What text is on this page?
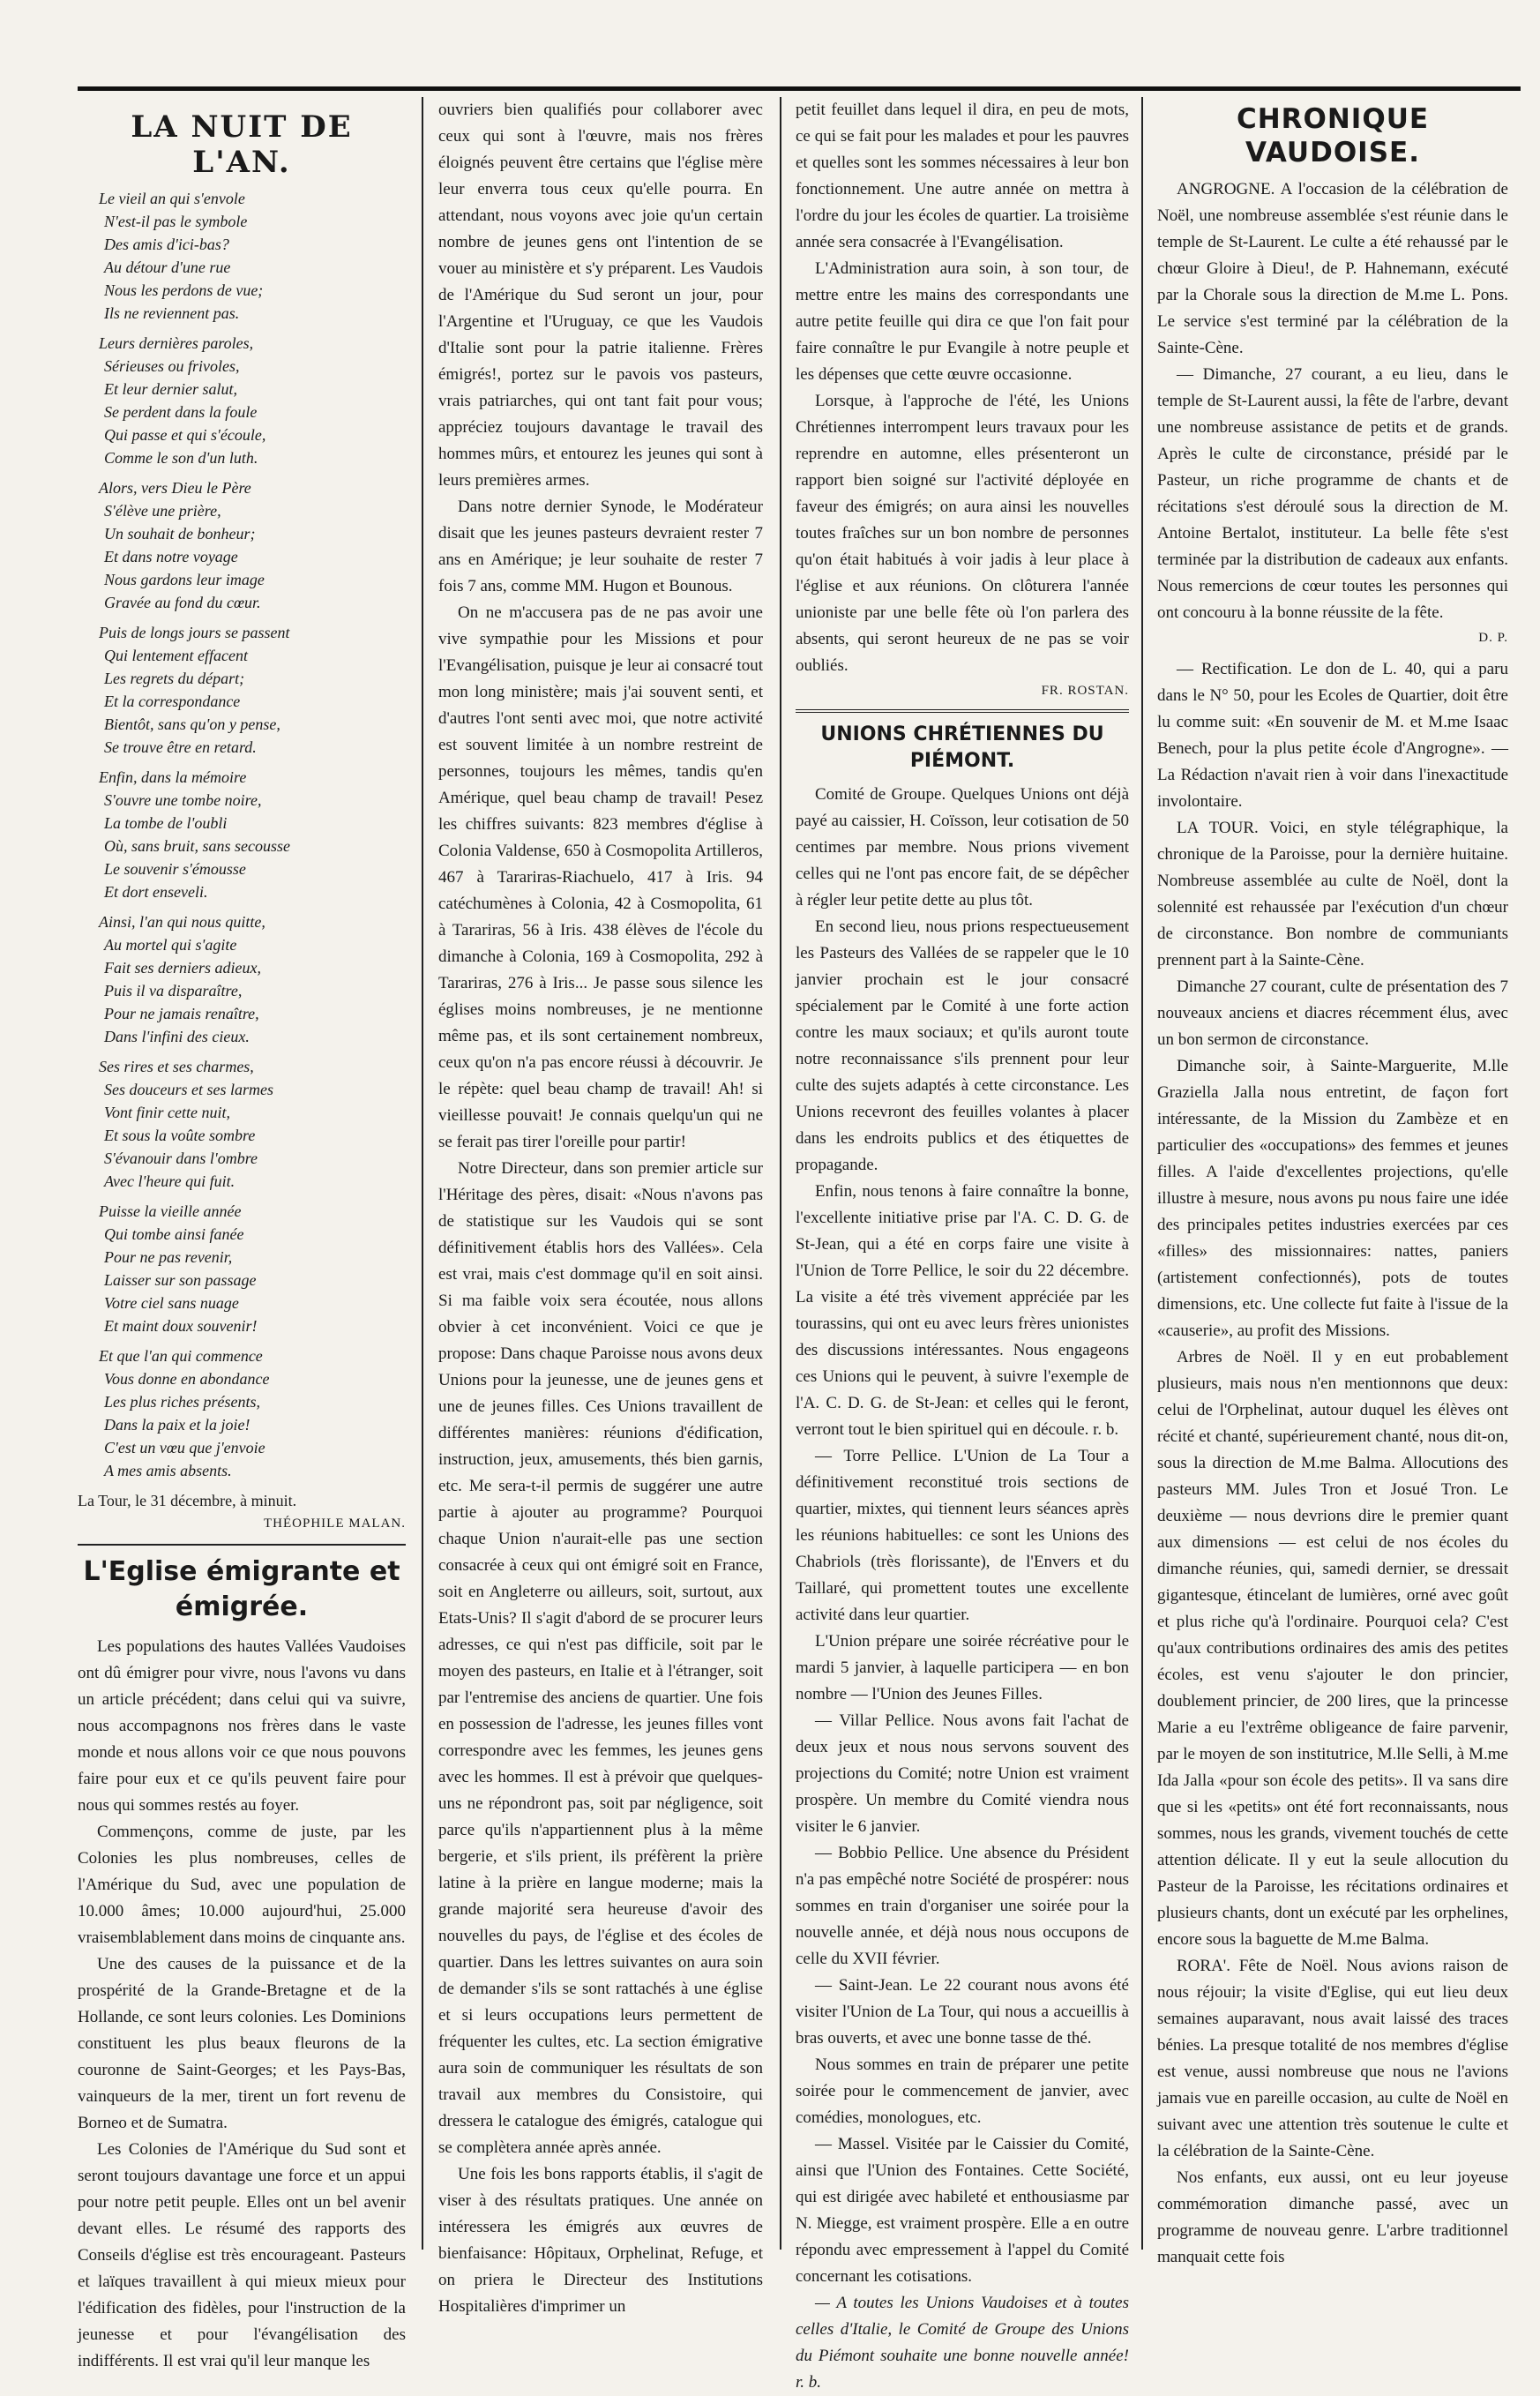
LA NUIT DE L'AN.
Le vieil an qui s'envole
N'est-il pas le symbole
Des amis d'ici-bas?
Au détour d'une rue
Nous les perdons de vue;
Ils ne reviennent pas.
Leurs dernières paroles,
Sérieuses ou frivoles,
Et leur dernier salut,
Se perdent dans la foule
Qui passe et qui s'écoule,
Comme le son d'un luth.
Alors, vers Dieu le Père
S'élève une prière,
Un souhait de bonheur;
Et dans notre voyage
Nous gardons leur image
Gravée au fond du cœur.
Puis de longs jours se passent
Qui lentement effacent
Les regrets du départ;
Et la correspondance
Bientôt, sans qu'on y pense,
Se trouve être en retard.
Enfin, dans la mémoire
S'ouvre une tombe noire,
La tombe de l'oubli
Où, sans bruit, sans secousse
Le souvenir s'émousse
Et dort enseveli.
Ainsi, l'an qui nous quitte,
Au mortel qui s'agite
Fait ses derniers adieux,
Puis il va disparaître,
Pour ne jamais renaître,
Dans l'infini des cieux.
Ses rires et ses charmes,
Ses douceurs et ses larmes
Vont finir cette nuit,
Et sous la voûte sombre
S'évanouir dans l'ombre
Avec l'heure qui fuit.
Puisse la vieille année
Qui tombe ainsi fanée
Pour ne pas revenir,
Laisser sur son passage
Votre ciel sans nuage
Et maint doux souvenir!
Et que l'an qui commence
Vous donne en abondance
Les plus riches présents,
Dans la paix et la joie!
C'est un vœu que j'envoie
A mes amis absents.
La Tour, le 31 décembre, à minuit.
THÉOPHILE MALAN.
L'Eglise émigrante et émigrée.

Les populations des hautes Vallées Vaudoises ont dû émigrer pour vivre, nous l'avons vu dans un article précédent; dans celui qui va suivre, nous accompagnons nos frères dans le vaste monde et nous allons voir ce que nous pouvons faire pour eux et ce qu'ils peuvent faire pour nous qui sommes restés au foyer.

Commençons, comme de juste, par les Colonies les plus nombreuses, celles de l'Amérique du Sud, avec une population de 10.000 âmes; 10.000 aujourd'hui, 25.000 vraisemblablement dans moins de cinquante ans.

Une des causes de la puissance et de la prospérité de la Grande-Bretagne et de la Hollande, ce sont leurs colonies. Les Dominions constituent les plus beaux fleurons de la couronne de Saint-Georges; et les Pays-Bas, vainqueurs de la mer, tirent un fort revenu de Borneo et de Sumatra.

Les Colonies de l'Amérique du Sud sont et seront toujours davantage une force et un appui pour notre petit peuple. Elles ont un bel avenir devant elles. Le résumé des rapports des Conseils d'église est très encourageant. Pasteurs et laïques travaillent à qui mieux mieux pour l'édification des fidèles, pour l'instruction de la jeunesse et pour l'évangélisation des indifférents. Il est vrai qu'il leur manque les

ouvriers bien qualifiés pour collaborer avec ceux qui sont à l'œuvre, mais nos frères éloignés peuvent être certains que l'église mère leur enverra tous ceux qu'elle pourra. En attendant, nous voyons avec joie qu'un certain nombre de jeunes gens ont l'intention de se vouer au ministère et s'y préparent. Les Vaudois de l'Amérique du Sud seront un jour, pour l'Argentine et l'Uruguay, ce que les Vaudois d'Italie sont pour la patrie italienne. Frères émigrés!, portez sur le pavois vos pasteurs, vrais patriarches, qui ont tant fait pour vous; appréciez toujours davantage le travail des hommes mûrs, et entourez les jeunes qui sont à leurs premières armes.

Dans notre dernier Synode, le Modérateur disait que les jeunes pasteurs devraient rester 7 ans en Amérique; je leur souhaite de rester 7 fois 7 ans, comme MM. Hugon et Bounous.

On ne m'accusera pas de ne pas avoir une vive sympathie pour les Missions et pour l'Evangélisation, puisque je leur ai consacré tout mon long ministère; mais j'ai souvent senti, et d'autres l'ont senti avec moi, que notre activité est souvent limitée à un nombre restreint de personnes, toujours les mêmes, tandis qu'en Amérique, quel beau champ de travail! Pesez les chiffres suivants: 823 membres d'église à Colonia Valdense, 650 à Cosmopolita Artilleros, 467 à Tarariras-Riachuelo, 417 à Iris. 94 catéchumènes à Colonia, 42 à Cosmopolita, 61 à Tarariras, 56 à Iris. 438 élèves de l'école du dimanche à Colonia, 169 à Cosmopolita, 292 à Tarariras, 276 à Iris... Je passe sous silence les églises moins nombreuses, je ne mentionne même pas, et ils sont certainement nombreux, ceux qu'on n'a pas encore réussi à découvrir. Je le répète: quel beau champ de travail! Ah! si vieillesse pouvait! Je connais quelqu'un qui ne se ferait pas tirer l'oreille pour partir!

Notre Directeur, dans son premier article sur l'Héritage des pères, disait: «Nous n'avons pas de statistique sur les Vaudois qui se sont définitivement établis hors des Vallées». Cela est vrai, mais c'est dommage qu'il en soit ainsi. Si ma faible voix sera écoutée, nous allons obvier à cet inconvénient. Voici ce que je propose: Dans chaque Paroisse nous avons deux Unions pour la jeunesse, une de jeunes gens et une de jeunes filles. Ces Unions travaillent de différentes manières: réunions d'édification, instruction, jeux, amusements, thés bien garnis, etc. Me sera-t-il permis de suggérer une autre partie à ajouter au programme? Pourquoi chaque Union n'aurait-elle pas une section consacrée à ceux qui ont émigré soit en France, soit en Angleterre ou ailleurs, soit, surtout, aux Etats-Unis? Il s'agit d'abord de se procurer leurs adresses, ce qui n'est pas difficile, soit par le moyen des pasteurs, en Italie et à l'étranger, soit par l'entremise des anciens de quartier. Une fois en possession de l'adresse, les jeunes filles vont correspondre avec les femmes, les jeunes gens avec les hommes. Il est à prévoir que quelques-uns ne répondront pas, soit par négligence, soit parce qu'ils n'appartiennent plus à la même bergerie, et s'ils prient, ils préfèrent la prière latine à la prière en langue moderne; mais la grande majorité sera heureuse d'avoir des nouvelles du pays, de l'église et des écoles de quartier. Dans les lettres suivantes on aura soin de demander s'ils se sont rattachés à une église et si leurs occupations leurs permettent de fréquenter les cultes, etc. La section émigrative aura soin de communiquer les résultats de son travail aux membres du Consistoire, qui dressera le catalogue des émigrés, catalogue qui se complètera année après année.

Une fois les bons rapports établis, il s'agit de viser à des résultats pratiques. Une année on intéressera les émigrés aux œuvres de bienfaisance: Hôpitaux, Orphelinat, Refuge, et on priera le Directeur des Institutions Hospitalières d'imprimer un

petit feuillet dans lequel il dira, en peu de mots, ce qui se fait pour les malades et pour les pauvres et quelles sont les sommes nécessaires à leur bon fonctionnement. Une autre année on mettra à l'ordre du jour les écoles de quartier. La troisième année sera consacrée à l'Evangélisation.

L'Administration aura soin, à son tour, de mettre entre les mains des correspondants une autre petite feuille qui dira ce que l'on fait pour faire connaître le pur Evangile à notre peuple et les dépenses que cette œuvre occasionne.

Lorsque, à l'approche de l'été, les Unions Chrétiennes interrompent leurs travaux pour les reprendre en automne, elles présenteront un rapport bien soigné sur l'activité déployée en faveur des émigrés; on aura ainsi les nouvelles toutes fraîches sur un bon nombre de personnes qu'on était habitués à voir jadis à leur place à l'église et aux réunions. On clôturera l'année unioniste par une belle fête où l'on parlera des absents, qui seront heureux de ne pas se voir oubliés.

FR. ROSTAN.
UNIONS CHRÉTIENNES DU PIÉMONT.

Comité de Groupe. Quelques Unions ont déjà payé au caissier, H. Coïsson, leur cotisation de 50 centimes par membre. Nous prions vivement celles qui ne l'ont pas encore fait, de se dépêcher à régler leur petite dette au plus tôt.

En second lieu, nous prions respectueusement les Pasteurs des Vallées de se rappeler que le 10 janvier prochain est le jour consacré spécialement par le Comité à une forte action contre les maux sociaux; et qu'ils auront toute notre reconnaissance s'ils prennent pour leur culte des sujets adaptés à cette circonstance. Les Unions recevront des feuilles volantes à placer dans les endroits publics et des étiquettes de propagande.

Enfin, nous tenons à faire connaître la bonne, l'excellente initiative prise par l'A. C. D. G. de St-Jean, qui a été en corps faire une visite à l'Union de Torre Pellice, le soir du 22 décembre. La visite a été très vivement appréciée par les tourassins, qui ont eu avec leurs frères unionistes des discussions intéressantes. Nous engageons ces Unions qui le peuvent, à suivre l'exemple de l'A. C. D. G. de St-Jean: et celles qui le feront, verront tout le bien spirituel qui en découle. r. b.

— Torre Pellice. L'Union de La Tour a définitivement reconstitué trois sections de quartier, mixtes, qui tiennent leurs séances après les réunions habituelles: ce sont les Unions des Chabriols (très florissante), de l'Envers et du Taillaré, qui promettent toutes une excellente activité dans leur quartier.

L'Union prépare une soirée récréative pour le mardi 5 janvier, à laquelle participera — en bon nombre — l'Union des Jeunes Filles.

— Villar Pellice. Nous avons fait l'achat de deux jeux et nous nous servons souvent des projections du Comité; notre Union est vraiment prospère. Un membre du Comité viendra nous visiter le 6 janvier.

— Bobbio Pellice. Une absence du Président n'a pas empêché notre Société de prospérer: nous sommes en train d'organiser une soirée pour la nouvelle année, et déjà nous nous occupons de celle du XVII février.

— Saint-Jean. Le 22 courant nous avons été visiter l'Union de La Tour, qui nous a accueillis à bras ouverts, et avec une bonne tasse de thé.

Nous sommes en train de préparer une petite soirée pour le commencement de janvier, avec comédies, monologues, etc.

— Massel. Visitée par le Caissier du Comité, ainsi que l'Union des Fontaines. Cette Société, qui est dirigée avec habileté et enthousiasme par N. Miegge, est vraiment prospère. Elle a en outre répondu avec empressement à l'appel du Comité concernant les cotisations.

— A toutes les Unions Vaudoises et à toutes celles d'Italie, le Comité de Groupe des Unions du Piémont souhaite une bonne nouvelle année! r. b.

CHRONIQUE VAUDOISE.

ANGROGNE. A l'occasion de la célébration de Noël, une nombreuse assemblée s'est réunie dans le temple de St-Laurent. Le culte a été rehaussé par le chœur Gloire à Dieu!, de P. Hahnemann, exécuté par la Chorale sous la direction de M.me L. Pons. Le service s'est terminé par la célébration de la Sainte-Cène.

— Dimanche, 27 courant, a eu lieu, dans le temple de St-Laurent aussi, la fête de l'arbre, devant une nombreuse assistance de petits et de grands. Après le culte de circonstance, présidé par le Pasteur, un riche programme de chants et de récitations s'est déroulé sous la direction de M. Antoine Bertalot, instituteur. La belle fête s'est terminée par la distribution de cadeaux aux enfants. Nous remercions de cœur toutes les personnes qui ont concouru à la bonne réussite de la fête.

D. P.

— Rectification. Le don de L. 40, qui a paru dans le N° 50, pour les Ecoles de Quartier, doit être lu comme suit: «En souvenir de M. et M.me Isaac Benech, pour la plus petite école d'Angrogne». — La Rédaction n'avait rien à voir dans l'inexactitude involontaire.

LA TOUR. Voici, en style télégraphique, la chronique de la Paroisse, pour la dernière huitaine. Nombreuse assemblée au culte de Noël, dont la solennité est rehaussée par l'exécution d'un chœur de circonstance. Bon nombre de communiants prennent part à la Sainte-Cène.

Dimanche 27 courant, culte de présentation des 7 nouveaux anciens et diacres récemment élus, avec un bon sermon de circonstance.

Dimanche soir, à Sainte-Marguerite, M.lle Graziella Jalla nous entretint, de façon fort intéressante, de la Mission du Zambèze et en particulier des «occupations» des femmes et jeunes filles. A l'aide d'excellentes projections, qu'elle illustre à mesure, nous avons pu nous faire une idée des principales petites industries exercées par ces «filles» des missionnaires: nattes, paniers (artistement confectionnés), pots de toutes dimensions, etc. Une collecte fut faite à l'issue de la «causerie», au profit des Missions.

Arbres de Noël. Il y en eut probablement plusieurs, mais nous n'en mentionnons que deux: celui de l'Orphelinat, autour duquel les élèves ont récité et chanté, supérieurement chanté, nous dit-on, sous la direction de M.me Balma. Allocutions des pasteurs MM. Jules Tron et Josué Tron. Le deuxième — nous devrions dire le premier quant aux dimensions — est celui de nos écoles du dimanche réunies, qui, samedi dernier, se dressait gigantesque, étincelant de lumières, orné avec goût et plus riche qu'à l'ordinaire. Pourquoi cela? C'est qu'aux contributions ordinaires des amis des petites écoles, est venu s'ajouter le don princier, doublement princier, de 200 lires, que la princesse Marie a eu l'extrême obligeance de faire parvenir, par le moyen de son institutrice, M.lle Selli, à M.me Ida Jalla «pour son école des petits». Il va sans dire que si les «petits» ont été fort reconnaissants, nous sommes, nous les grands, vivement touchés de cette attention délicate. Il y eut la seule allocution du Pasteur de la Paroisse, les récitations ordinaires et plusieurs chants, dont un exécuté par les orphelines, encore sous la baguette de M.me Balma.

RORA'. Fête de Noël. Nous avions raison de nous réjouir; la visite d'Eglise, qui eut lieu deux semaines auparavant, nous avait laissé des traces bénies. La presque totalité de nos membres d'église est venue, aussi nombreuse que nous ne l'avions jamais vue en pareille occasion, au culte de Noël en suivant avec une attention très soutenue le culte et la célébration de la Sainte-Cène.

Nos enfants, eux aussi, ont eu leur joyeuse commémoration dimanche passé, avec un programme de nouveau genre. L'arbre traditionnel manquait cette fois
